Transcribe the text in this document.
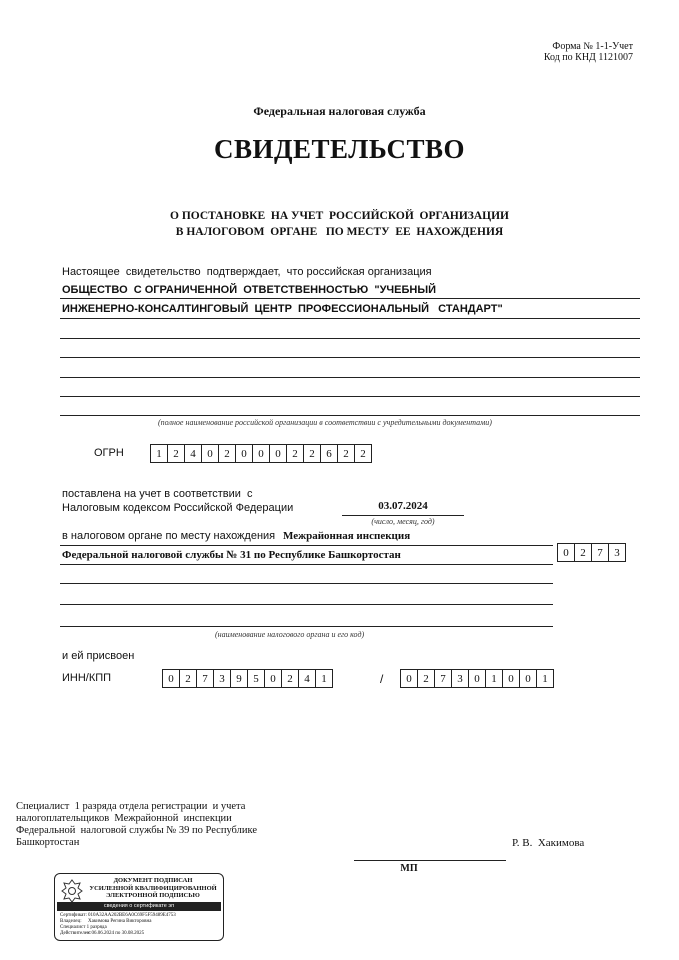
Форма № 1-1-Учет
Код по КНД 1121007
Федеральная налоговая служба
СВИДЕТЕЛЬСТВО
О ПОСТАНОВКЕ  НА УЧЕТ  РОССИЙСКОЙ  ОРГАНИЗАЦИИ
В НАЛОГОВОМ  ОРГАНЕ   ПО МЕСТУ  ЕЕ  НАХОЖДЕНИЯ
Настоящее  свидетельство  подтверждает,  что российская организация
ОБЩЕСТВО  С ОГРАНИЧЕННОЙ  ОТВЕТСТВЕННОСТЬЮ  "УЧЕБНЫЙ
ИНЖЕНЕРНО-КОНСАЛТИНГОВЫЙ  ЦЕНТР  ПРОФЕССИОНАЛЬНЫЙ   СТАНДАРТ"
(полное наименование российской организации в соответствии с учредительными документами)
ОГРН	1	2	4	0	2	0	0	0	2	2	6	2	2
поставлена на учет в соответствии  с
Налоговым кодексом Российской Федерации	03.07.2024
(число, месяц, год)
в налоговом органе по месту нахождения Межрайонная инспекция
Федеральной налоговой службы № 31 по Республике Башкортостан	0	2	7	3
(наименование налогового органа и его код)
и ей присвоен
ИНН/КПП	0	2	7	3	9	5	0	2	4	1	/	0	2	7	3	0	1	0	0	1
Специалист  1 разряда отдела регистрации  и учета
налогоплательщиков  Межрайонной  инспекции
Федеральной  налоговой службы № 39 по Республике
Башкортостан	Р. В.  Хакимова
МП
ДОКУМЕНТ ПОДПИСАН
УСИЛЕННОЙ КВАЛИФИЦИРОВАННОЙ
ЭЛЕКТРОННОЙ ПОДПИСЬЮ
сведения о сертификате эп
Сертификат:010A32AA202BE6A0C69F5F59489E4753
Владелец: Хакимова Регина Викторовна
Специалист 1 разряда
Действителен:с 06.06.2024 по 30.08.2025
